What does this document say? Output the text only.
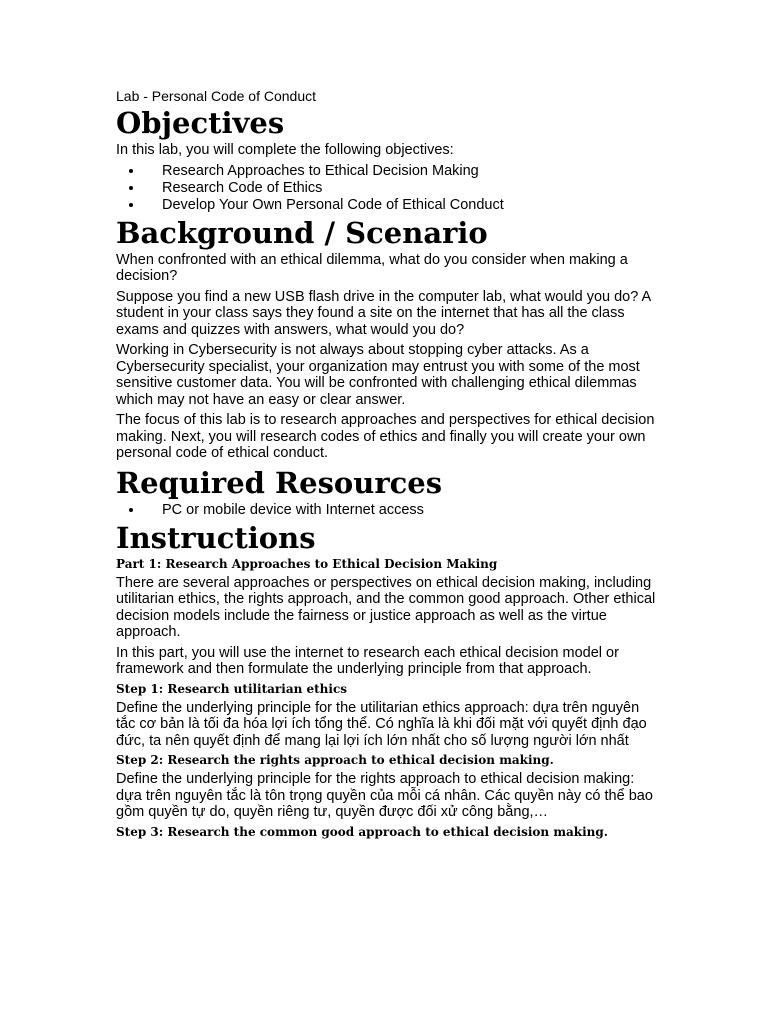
Lab - Personal Code of Conduct

Objectives

In this lab, you will complete the following objectives:

• Research Approaches to Ethical Decision Making
• Research Code of Ethics
• Develop Your Own Personal Code of Ethical Conduct
Background / Scenario

When confronted with an ethical dilemma, what do you consider when making a decision?

Suppose you find a new USB flash drive in the computer lab, what would you do? A student in your class says they found a site on the internet that has all the class exams and quizzes with answers, what would you do?

Working in Cybersecurity is not always about stopping cyber attacks. As a Cybersecurity specialist, your organization may entrust you with some of the most sensitive customer data. You will be confronted with challenging ethical dilemmas which may not have an easy or clear answer.

The focus of this lab is to research approaches and perspectives for ethical decision making. Next, you will research codes of ethics and finally you will create your own personal code of ethical conduct.

Required Resources
• PC or mobile device with Internet access
Instructions
Part 1: Research Approaches to Ethical Decision Making

There are several approaches or perspectives on ethical decision making, including utilitarian ethics, the rights approach, and the common good approach. Other ethical decision models include the fairness or justice approach as well as the virtue approach.

In this part, you will use the internet to research each ethical decision model or framework and then formulate the underlying principle from that approach.

Step 1: Research utilitarian ethics

Define the underlying principle for the utilitarian ethics approach: dựa trên nguyên tắc cơ bản là tối đa hóa lợi ích tổng thể. Có nghĩa là khi đối mặt với quyết định đạo đức, ta nên quyết định để mang lại lợi ích lớn nhất cho số lượng người lớn nhất

Step 2: Research the rights approach to ethical decision making.

Define the underlying principle for the rights approach to ethical decision making: dựa trên nguyên tắc là tôn trọng quyền của mỗi cá nhân. Các quyền này có thể bao gồm quyền tự do, quyền riêng tư, quyền được đối xử công bằng,…

Step 3: Research the common good approach to ethical decision making.
